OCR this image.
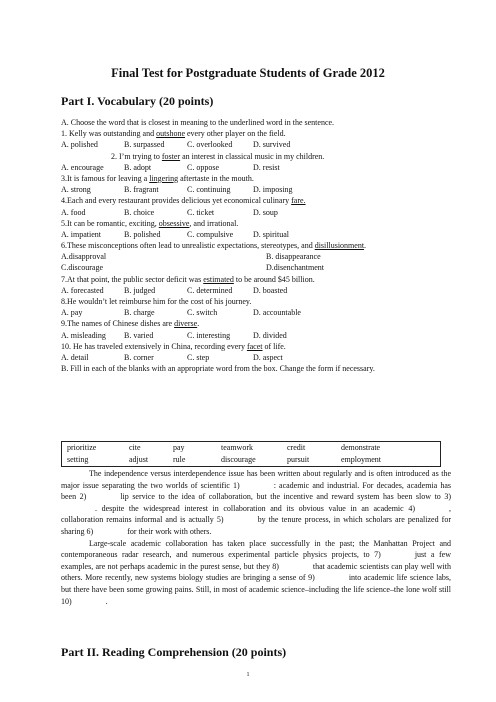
Final Test for Postgraduate Students of Grade 2012
Part I. Vocabulary (20 points)
A. Choose the word that is closest in meaning to the underlined word in the sentence.
1. Kelly was outstanding and outshone every other player on the field.
A. polished	B. surpassed	C. overlooked	D. survived
2. I’m trying to foster an interest in classical music in my children.
A. encourage	B. adopt	C. oppose	D. resist
3.It is famous for leaving a lingering aftertaste in the mouth.
A. strong	B. fragrant	C. continuing	D. imposing
4.Each and every restaurant provides delicious yet economical culinary fare.
A. food	B. choice	C. ticket	D. soup
5.It can be romantic, exciting, obsessive, and irrational.
A. impatient	B. polished	C. compulsive	D. spiritual
6.These misconceptions often lead to unrealistic expectations, stereotypes, and disillusionment.
A.disapproval	B. disappearance
C.discourage	D.disenchantment
7.At that point, the public sector deficit was estimated to be around $45 billion.
A. forecasted	B. judged	C. determined	D. boasted
8.He wouldn’t let reimburse him for the cost of his journey.
A. pay	B. charge	C. switch	D. accountable
9.The names of Chinese dishes are diverse.
A. misleading	B. varied	C. interesting	D. divided
10. He has traveled extensively in China, recording every facet of life.
A. detail	B. corner	C. step	D. aspect
B. Fill in each of the blanks with an appropriate word from the box. Change the form if necessary.
prioritize	cite	pay	teamwork	credit	demonstrate
setting	adjust	rule	discourage	pursuit	employment

The independence versus interdependence issue has been written about regularly and is often introduced as the major issue separating the two worlds of scientific 1)	: academic and industrial. For decades, academia has been 2)	lip service to the idea of collaboration, but the incentive and reward system has been slow to 3). despite the widespread interest in collaboration and its obvious value in an academic 4)	, collaboration remains informal and is actually 5)	by the tenure process, in which scholars are penalized for sharing 6)	for their work with others.

Large-scale academic collaboration has taken place successfully in the past; the Manhattan Project and contemporaneous radar research, and numerous experimental particle physics projects, to 7)	just a few examples, are not perhaps academic in the purest sense, but they 8)	that academic scientists can play well with others. More recently, new systems biology studies are bringing a sense of 9)	into academic life science labs, but there have been some growing pains. Still, in most of academic science–including the life science–the lone wolf still 10)	.

Part II. Reading Comprehension (20 points)
1
